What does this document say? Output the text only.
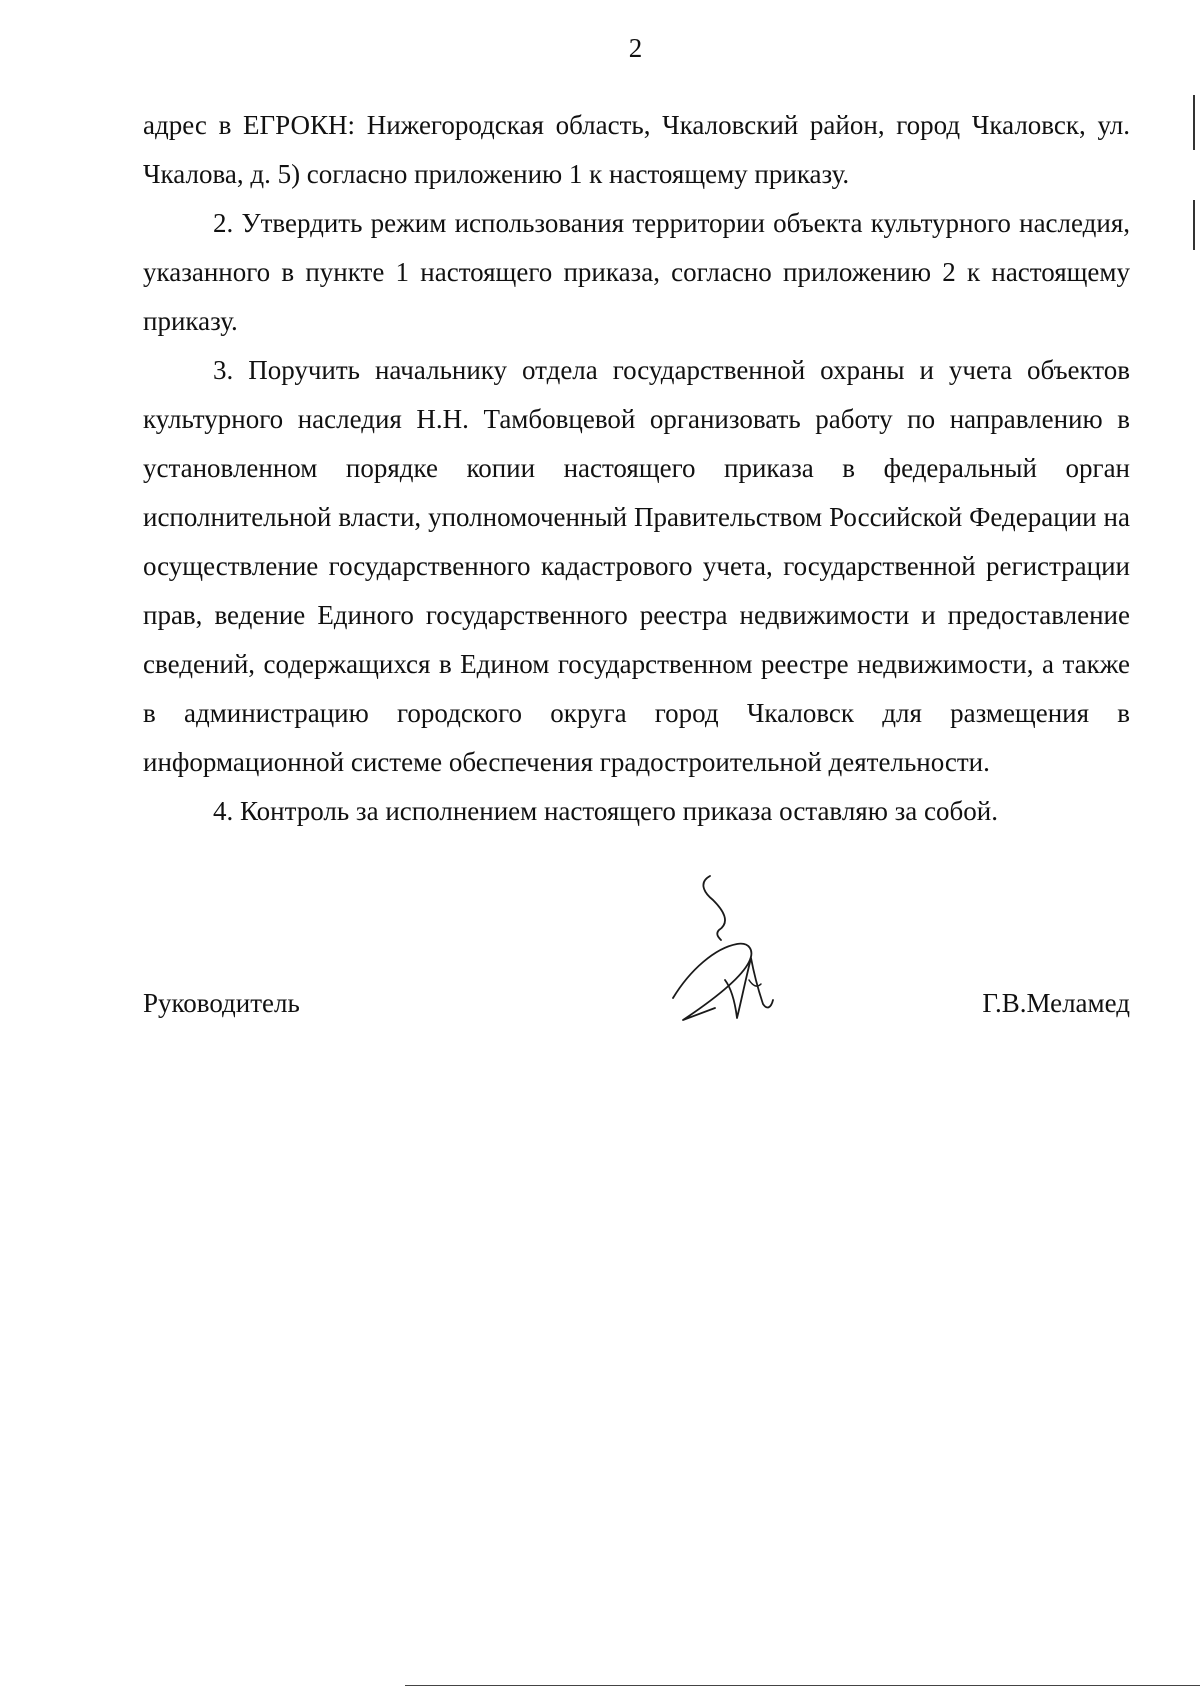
2

адрес в ЕГРОКН: Нижегородская область, Чкаловский район, город Чкаловск, ул. Чкалова, д. 5) согласно приложению 1 к настоящему приказу.

2. Утвердить режим использования территории объекта культурного наследия, указанного в пункте 1 настоящего приказа, согласно приложению 2 к настоящему приказу.

3. Поручить начальнику отдела государственной охраны и учета объектов культурного наследия Н.Н. Тамбовцевой организовать работу по направлению в установленном порядке копии настоящего приказа в федеральный орган исполнительной власти, уполномоченный Правительством Российской Федерации на осуществление государственного кадастрового учета, государственной регистрации прав, ведение Единого государственного реестра недвижимости и предоставление сведений, содержащихся в Едином государственном реестре недвижимости, а также в администрацию городского округа город Чкаловск для размещения в информационной системе обеспечения градостроительной деятельности.

4. Контроль за исполнением настоящего приказа оставляю за собой.

Руководитель	Г.В.Меламед
